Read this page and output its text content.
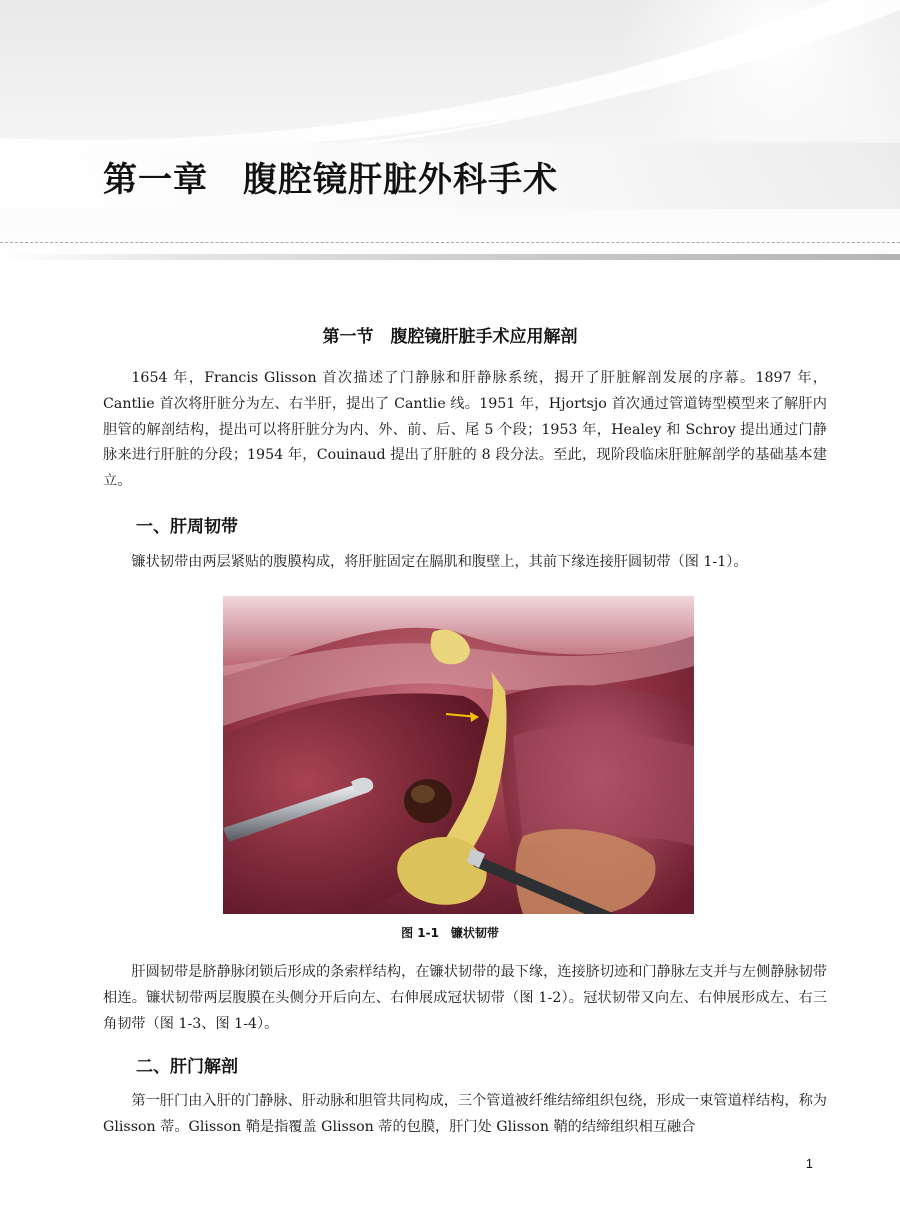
第一章　腹腔镜肝脏外科手术
第一节　腹腔镜肝脏手术应用解剖

1654 年，Francis Glisson 首次描述了门静脉和肝静脉系统，揭开了肝脏解剖发展的序幕。1897 年，Cantlie 首次将肝脏分为左、右半肝，提出了 Cantlie 线。1951 年，Hjortsjo 首次通过管道铸型模型来了解肝内胆管的解剖结构，提出可以将肝脏分为内、外、前、后、尾 5 个段；1953 年，Healey 和 Schroy 提出通过门静脉来进行肝脏的分段；1954 年，Couinaud 提出了肝脏的 8 段分法。至此，现阶段临床肝脏解剖学的基础基本建立。

一、肝周韧带

镰状韧带由两层紧贴的腹膜构成，将肝脏固定在膈肌和腹壁上，其前下缘连接肝圆韧带（图 1-1）。

图 1-1　镰状韧带

肝圆韧带是脐静脉闭锁后形成的条索样结构，在镰状韧带的最下缘，连接脐切迹和门静脉左支并与左侧静脉韧带相连。镰状韧带两层腹膜在头侧分开后向左、右伸展成冠状韧带（图 1-2）。冠状韧带又向左、右伸展形成左、右三角韧带（图 1-3、图 1-4）。

二、肝门解剖

第一肝门由入肝的门静脉、肝动脉和胆管共同构成，三个管道被纤维结缔组织包绕，形成一束管道样结构，称为 Glisson 蒂。Glisson 鞘是指覆盖 Glisson 蒂的包膜，肝门处 Glisson 鞘的结缔组织相互融合

1
